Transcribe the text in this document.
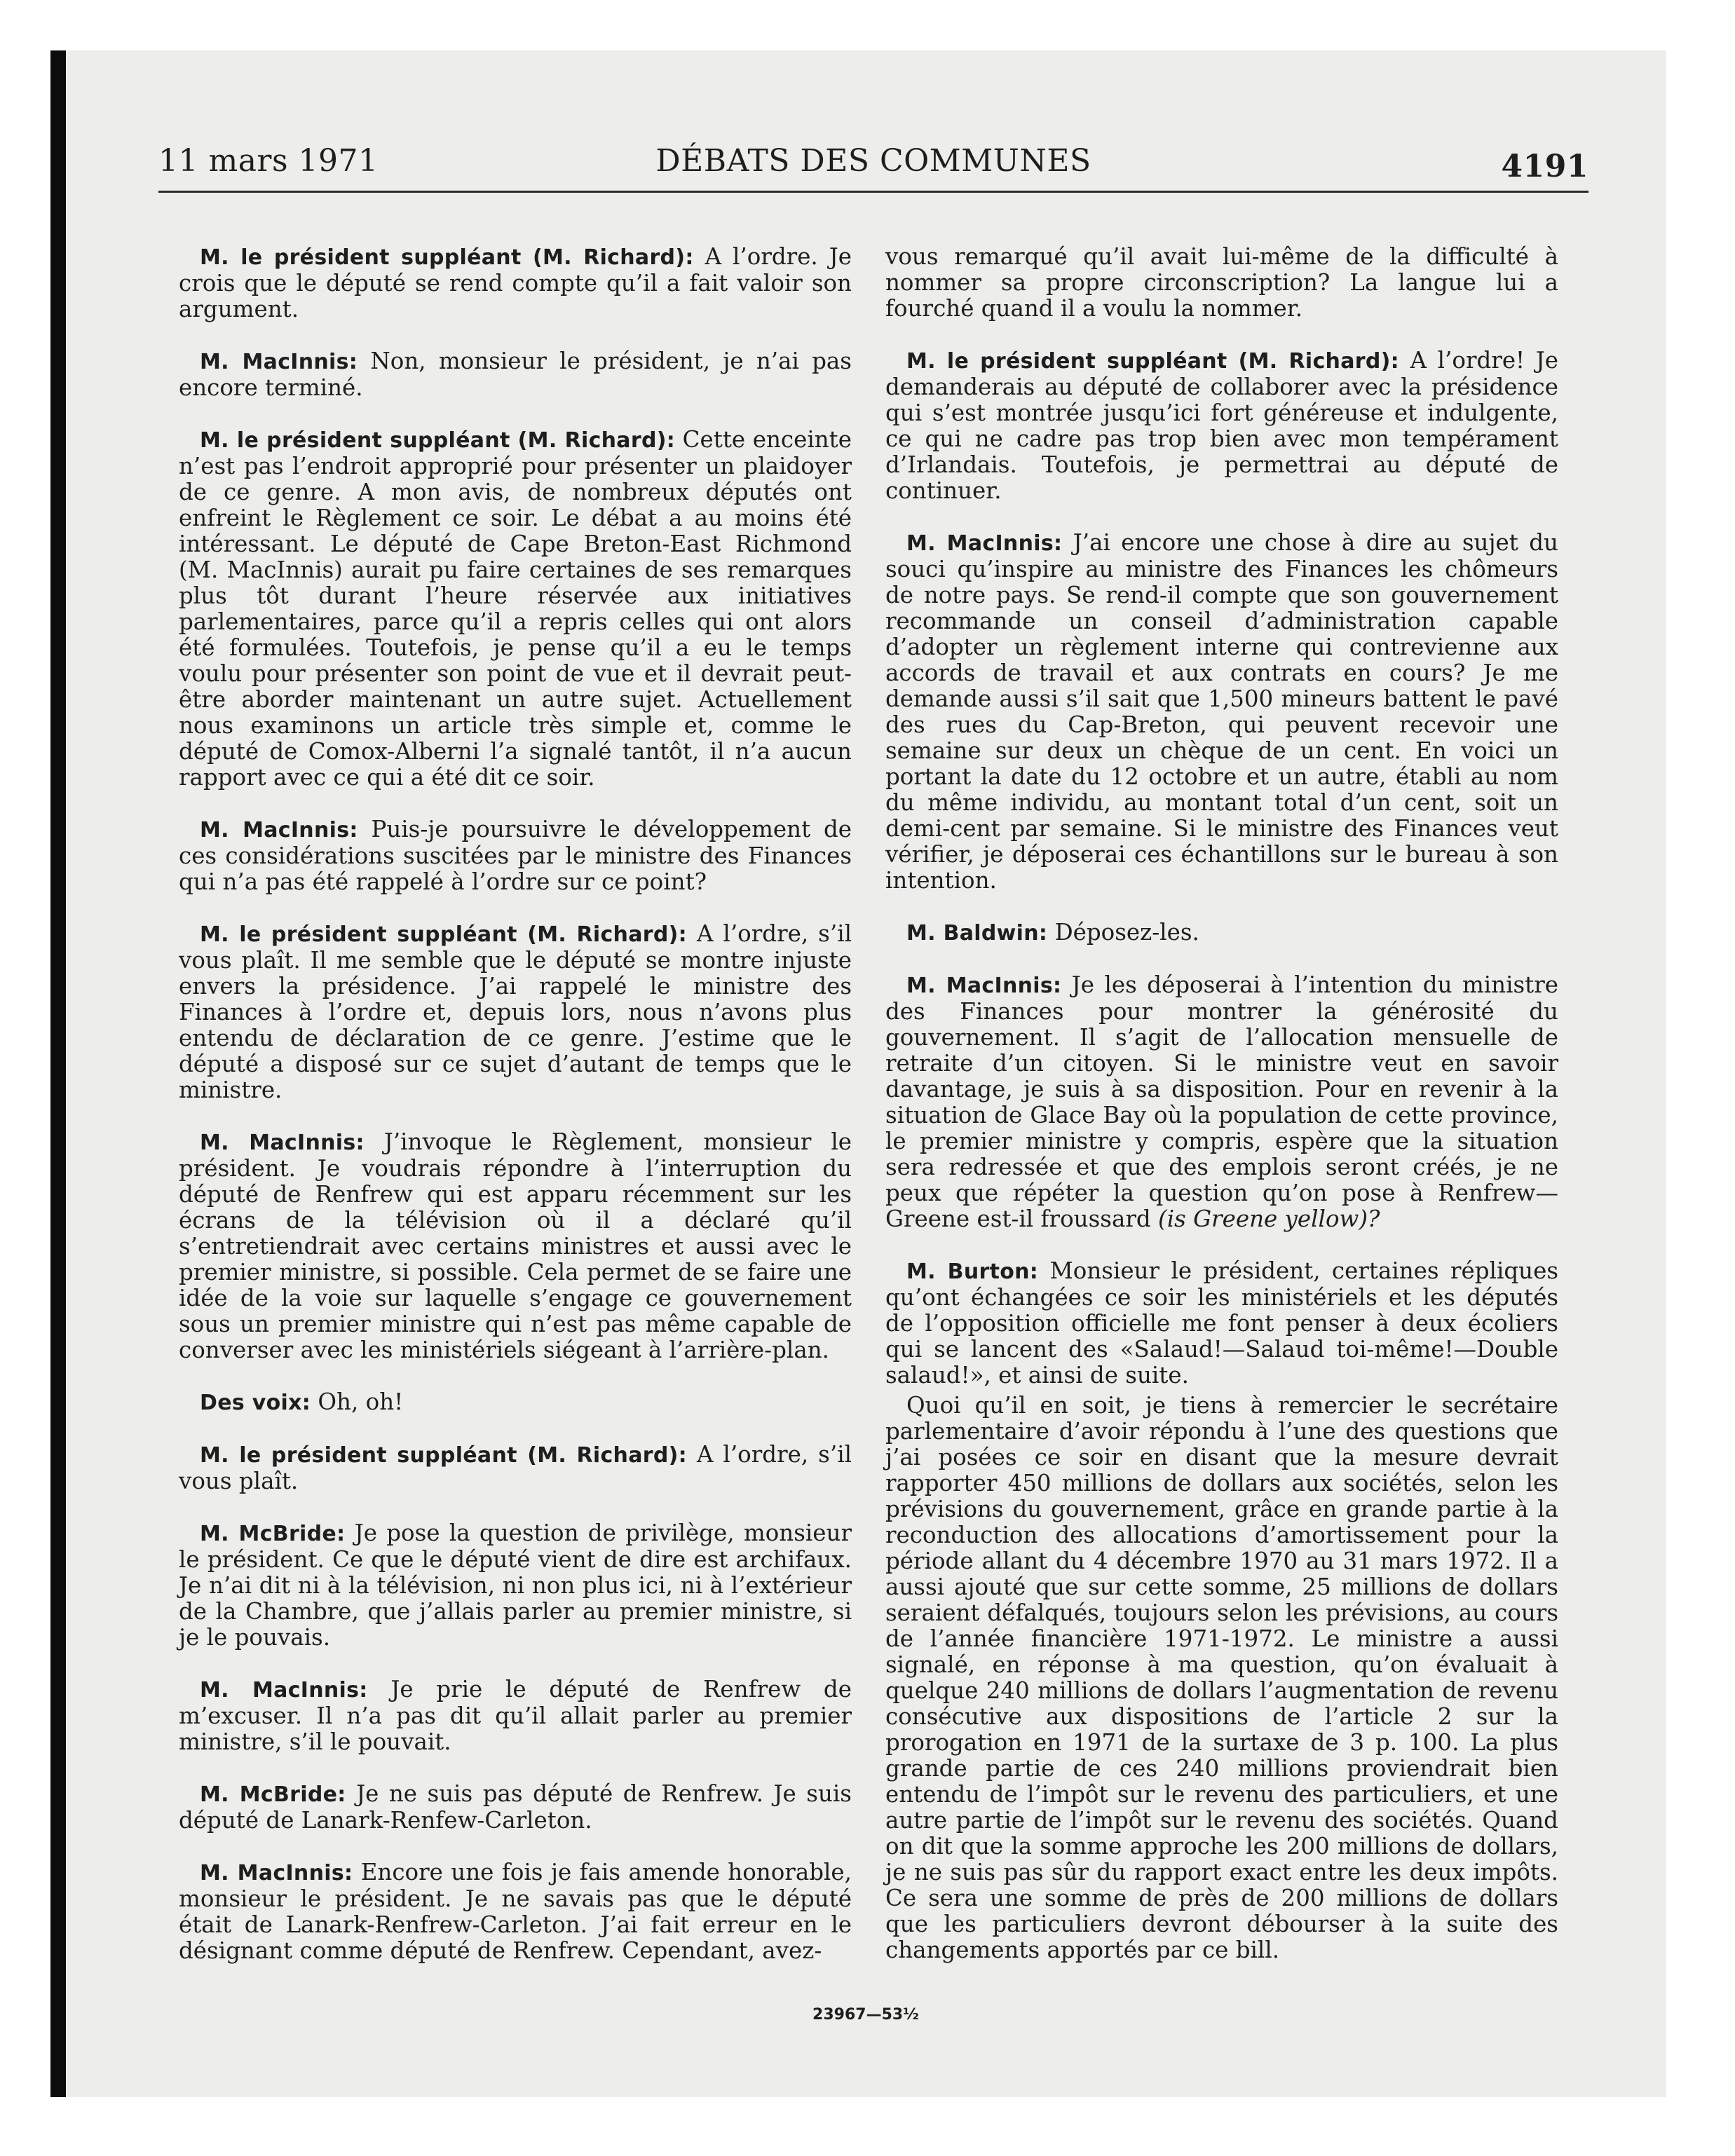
11 mars 1971	DÉBATS DES COMMUNES	4191

M. le président suppléant (M. Richard): A l’ordre. Je crois que le député se rend compte qu’il a fait valoir son argument.

M. MacInnis: Non, monsieur le président, je n’ai pas encore terminé.

M. le président suppléant (M. Richard): Cette enceinte n’est pas l’endroit approprié pour présenter un plaidoyer de ce genre. A mon avis, de nombreux députés ont enfreint le Règlement ce soir. Le débat a au moins été intéressant. Le député de Cape Breton-East Richmond (M. MacInnis) aurait pu faire certaines de ses remarques plus tôt durant l’heure réservée aux initiatives parlementaires, parce qu’il a repris celles qui ont alors été formulées. Toutefois, je pense qu’il a eu le temps voulu pour présenter son point de vue et il devrait peut-être aborder maintenant un autre sujet. Actuellement nous examinons un article très simple et, comme le député de Comox-Alberni l’a signalé tantôt, il n’a aucun rapport avec ce qui a été dit ce soir.

M. MacInnis: Puis-je poursuivre le développement de ces considérations suscitées par le ministre des Finances qui n’a pas été rappelé à l’ordre sur ce point?

M. le président suppléant (M. Richard): A l’ordre, s’il vous plaît. Il me semble que le député se montre injuste envers la présidence. J’ai rappelé le ministre des Finances à l’ordre et, depuis lors, nous n’avons plus entendu de déclaration de ce genre. J’estime que le député a disposé sur ce sujet d’autant de temps que le ministre.

M. MacInnis: J’invoque le Règlement, monsieur le président. Je voudrais répondre à l’interruption du député de Renfrew qui est apparu récemment sur les écrans de la télévision où il a déclaré qu’il s’entretiendrait avec certains ministres et aussi avec le premier ministre, si possible. Cela permet de se faire une idée de la voie sur laquelle s’engage ce gouvernement sous un premier ministre qui n’est pas même capable de converser avec les ministériels siégeant à l’arrière-plan.

Des voix: Oh, oh!

M. le président suppléant (M. Richard): A l’ordre, s’il vous plaît.

M. McBride: Je pose la question de privilège, monsieur le président. Ce que le député vient de dire est archifaux. Je n’ai dit ni à la télévision, ni non plus ici, ni à l’extérieur de la Chambre, que j’allais parler au premier ministre, si je le pouvais.

M. MacInnis: Je prie le député de Renfrew de m’excuser. Il n’a pas dit qu’il allait parler au premier ministre, s’il le pouvait.

M. McBride: Je ne suis pas député de Renfrew. Je suis député de Lanark-Renfew-Carleton.

M. MacInnis: Encore une fois je fais amende honorable, monsieur le président. Je ne savais pas que le député était de Lanark-Renfrew-Carleton. J’ai fait erreur en le désignant comme député de Renfrew. Cependant, avez-

vous remarqué qu’il avait lui-même de la difficulté à nommer sa propre circonscription? La langue lui a fourché quand il a voulu la nommer.

M. le président suppléant (M. Richard): A l’ordre! Je demanderais au député de collaborer avec la présidence qui s’est montrée jusqu’ici fort généreuse et indulgente, ce qui ne cadre pas trop bien avec mon tempérament d’Irlandais. Toutefois, je permettrai au député de continuer.

M. MacInnis: J’ai encore une chose à dire au sujet du souci qu’inspire au ministre des Finances les chômeurs de notre pays. Se rend-il compte que son gouvernement recommande un conseil d’administration capable d’adopter un règlement interne qui contrevienne aux accords de travail et aux contrats en cours? Je me demande aussi s’il sait que 1,500 mineurs battent le pavé des rues du Cap-Breton, qui peuvent recevoir une semaine sur deux un chèque de un cent. En voici un portant la date du 12 octobre et un autre, établi au nom du même individu, au montant total d’un cent, soit un demi-cent par semaine. Si le ministre des Finances veut vérifier, je déposerai ces échantillons sur le bureau à son intention.

M. Baldwin: Déposez-les.

M. MacInnis: Je les déposerai à l’intention du ministre des Finances pour montrer la générosité du gouvernement. Il s’agit de l’allocation mensuelle de retraite d’un citoyen. Si le ministre veut en savoir davantage, je suis à sa disposition. Pour en revenir à la situation de Glace Bay où la population de cette province, le premier ministre y compris, espère que la situation sera redressée et que des emplois seront créés, je ne peux que répéter la question qu’on pose à Renfrew—Greene est-il froussard (is Greene yellow)?

M. Burton: Monsieur le président, certaines répliques qu’ont échangées ce soir les ministériels et les députés de l’opposition officielle me font penser à deux écoliers qui se lancent des «Salaud!—Salaud toi-même!—Double salaud!», et ainsi de suite.

Quoi qu’il en soit, je tiens à remercier le secrétaire parlementaire d’avoir répondu à l’une des questions que j’ai posées ce soir en disant que la mesure devrait rapporter 450 millions de dollars aux sociétés, selon les prévisions du gouvernement, grâce en grande partie à la reconduction des allocations d’amortissement pour la période allant du 4 décembre 1970 au 31 mars 1972. Il a aussi ajouté que sur cette somme, 25 millions de dollars seraient défalqués, toujours selon les prévisions, au cours de l’année financière 1971-1972. Le ministre a aussi signalé, en réponse à ma question, qu’on évaluait à quelque 240 millions de dollars l’augmentation de revenu consécutive aux dispositions de l’article 2 sur la prorogation en 1971 de la surtaxe de 3 p. 100. La plus grande partie de ces 240 millions proviendrait bien entendu de l’impôt sur le revenu des particuliers, et une autre partie de l’impôt sur le revenu des sociétés. Quand on dit que la somme approche les 200 millions de dollars, je ne suis pas sûr du rapport exact entre les deux impôts. Ce sera une somme de près de 200 millions de dollars que les particuliers devront débourser à la suite des changements apportés par ce bill.

23967—53½
